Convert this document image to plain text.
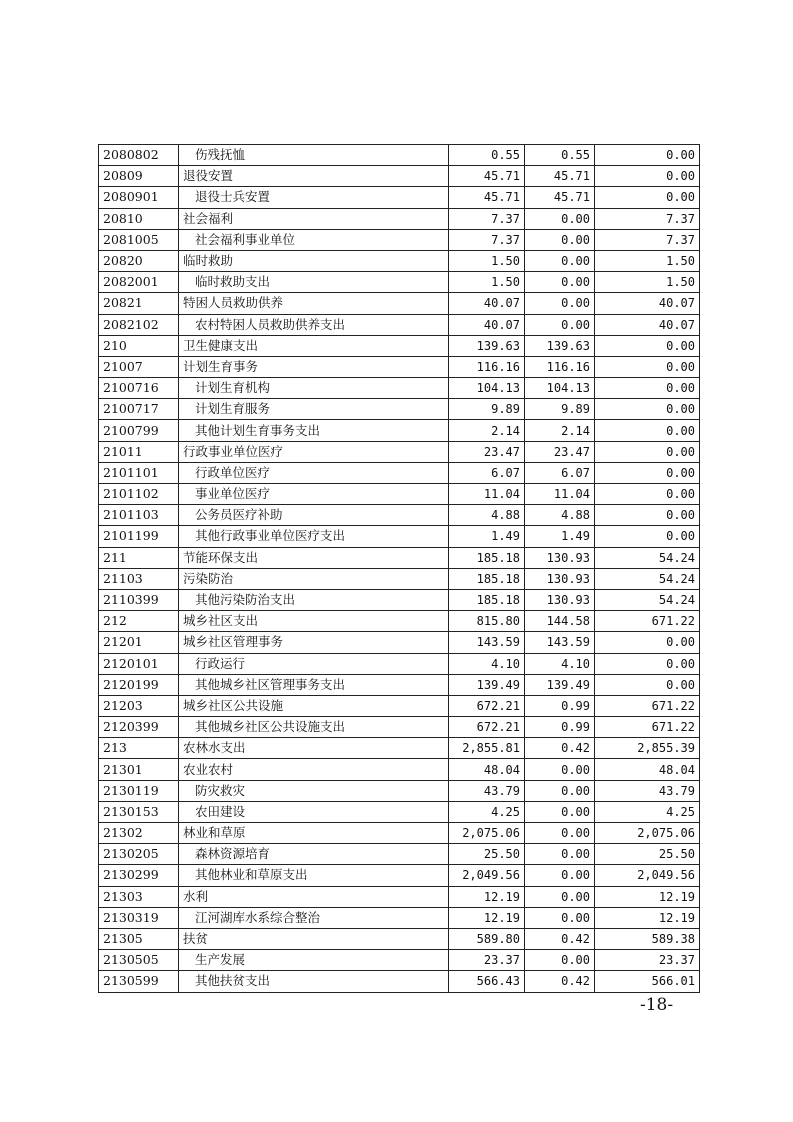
2080802	伤残抚恤	0.55	0.55	0.00
20809	退役安置	45.71	45.71	0.00
2080901	退役士兵安置	45.71	45.71	0.00
20810	社会福利	7.37	0.00	7.37
2081005	社会福利事业单位	7.37	0.00	7.37
20820	临时救助	1.50	0.00	1.50
2082001	临时救助支出	1.50	0.00	1.50
20821	特困人员救助供养	40.07	0.00	40.07
2082102	农村特困人员救助供养支出	40.07	0.00	40.07
210	卫生健康支出	139.63	139.63	0.00
21007	计划生育事务	116.16	116.16	0.00
2100716	计划生育机构	104.13	104.13	0.00
2100717	计划生育服务	9.89	9.89	0.00
2100799	其他计划生育事务支出	2.14	2.14	0.00
21011	行政事业单位医疗	23.47	23.47	0.00
2101101	行政单位医疗	6.07	6.07	0.00
2101102	事业单位医疗	11.04	11.04	0.00
2101103	公务员医疗补助	4.88	4.88	0.00
2101199	其他行政事业单位医疗支出	1.49	1.49	0.00
211	节能环保支出	185.18	130.93	54.24
21103	污染防治	185.18	130.93	54.24
2110399	其他污染防治支出	185.18	130.93	54.24
212	城乡社区支出	815.80	144.58	671.22
21201	城乡社区管理事务	143.59	143.59	0.00
2120101	行政运行	4.10	4.10	0.00
2120199	其他城乡社区管理事务支出	139.49	139.49	0.00
21203	城乡社区公共设施	672.21	0.99	671.22
2120399	其他城乡社区公共设施支出	672.21	0.99	671.22
213	农林水支出	2,855.81	0.42	2,855.39
21301	农业农村	48.04	0.00	48.04
2130119	防灾救灾	43.79	0.00	43.79
2130153	农田建设	4.25	0.00	4.25
21302	林业和草原	2,075.06	0.00	2,075.06
2130205	森林资源培育	25.50	0.00	25.50
2130299	其他林业和草原支出	2,049.56	0.00	2,049.56
21303	水利	12.19	0.00	12.19
2130319	江河湖库水系综合整治	12.19	0.00	12.19
21305	扶贫	589.80	0.42	589.38
2130505	生产发展	23.37	0.00	23.37
2130599	其他扶贫支出	566.43	0.42	566.01
-18-
